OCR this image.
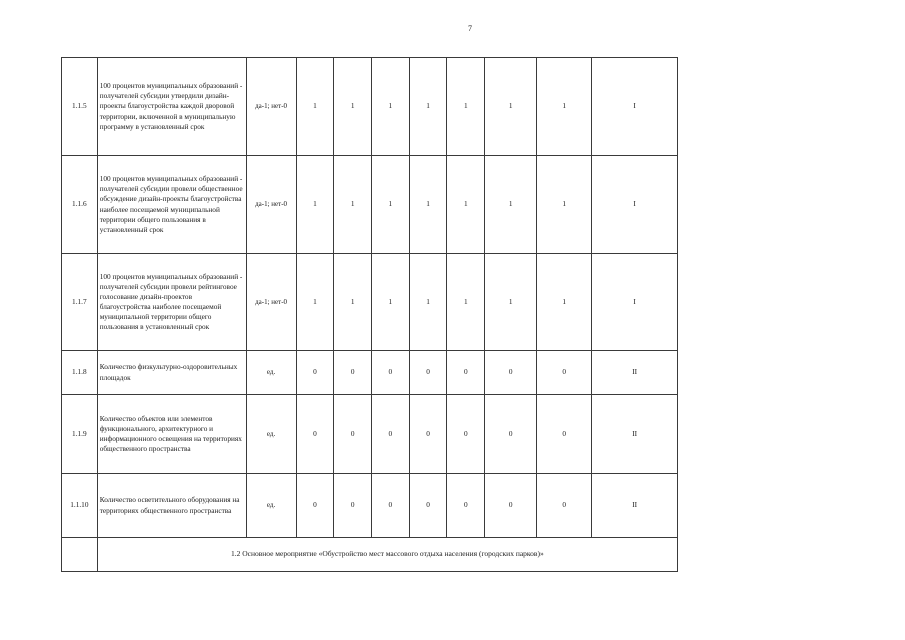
7
1.1.5	100 процентов муниципальных образований - получателей субсидии утвердили дизайн-проекты благоустройства каждой дворовой территории, включенной в муниципальную программу в установленный срок	да-1; нет-0	1	1	1	1	1	1	1	I
1.1.6	100 процентов муниципальных образований - получателей субсидии провели общественное обсуждение дизайн-проекты благоустройства наиболее посещаемой муниципальной территории общего пользования в установленный срок	да-1; нет-0	1	1	1	1	1	1	1	I
1.1.7	100 процентов муниципальных образований - получателей субсидии провели рейтинговое голосование дизайн-проектов благоустройства наиболее посещаемой муниципальной территории общего пользования в установленный срок	да-1; нет-0	1	1	1	1	1	1	1	I
1.1.8	Количество физкультурно-оздоровительных площадок	ед.	0	0	0	0	0	0	0	II
1.1.9	Количество объектов или элементов функционального, архитектурного и информационного освещения на территориях общественного пространства	ед.	0	0	0	0	0	0	0	II
1.1.10	Количество осветительного оборудования на территориях общественного пространства	ед.	0	0	0	0	0	0	0	II
	1.2 Основное мероприятие «Обустройство мест массового отдыха населения (городских парков)»									
